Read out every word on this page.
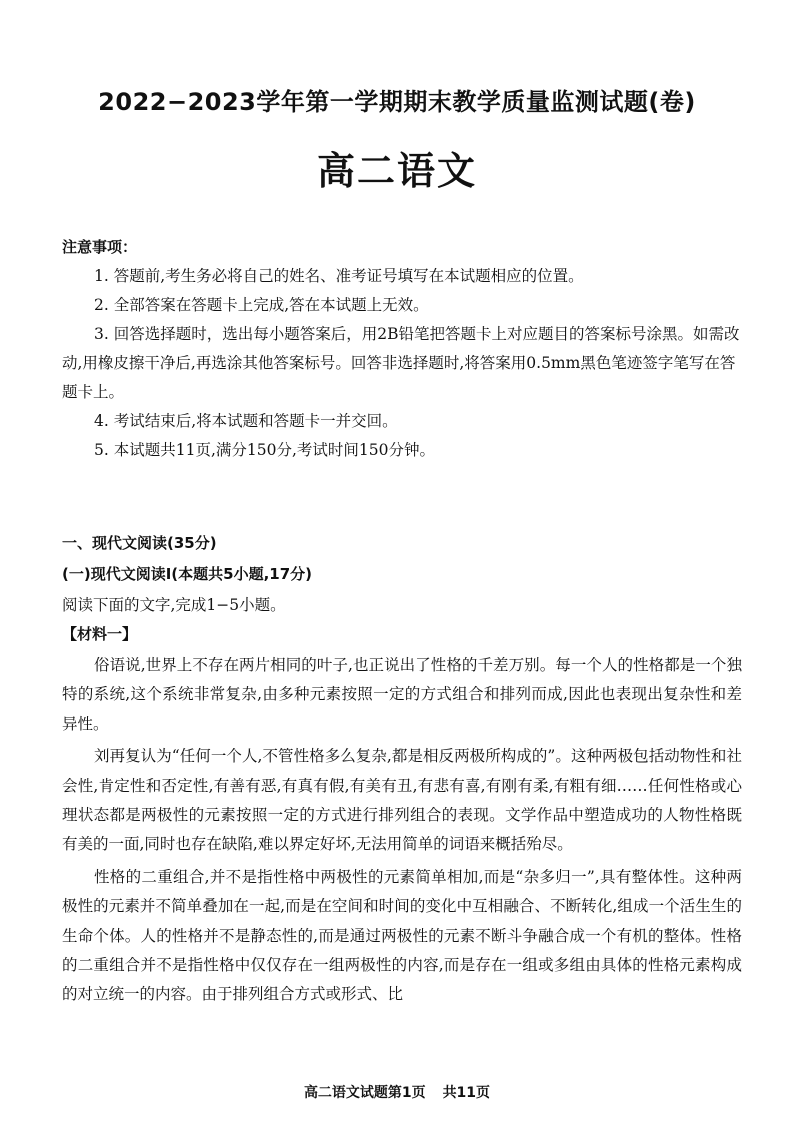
2022−2023学年第一学期期末教学质量监测试题(卷)
高二语文
注意事项：

1. 答题前,考生务必将自己的姓名、准考证号填写在本试题相应的位置。

2. 全部答案在答题卡上完成,答在本试题上无效。

3. 回答选择题时，选出每小题答案后，用2B铅笔把答题卡上对应题目的答案标号涂黑。如需改动,用橡皮擦干净后,再选涂其他答案标号。回答非选择题时,将答案用0.5mm黑色笔迹签字笔写在答题卡上。

4. 考试结束后,将本试题和答题卡一并交回。

5. 本试题共11页,满分150分,考试时间150分钟。

一、现代文阅读(35分)
(一)现代文阅读Ⅰ(本题共5小题,17分)
阅读下面的文字,完成1−5小题。
【材料一】

俗语说,世界上不存在两片相同的叶子,也正说出了性格的千差万别。每一个人的性格都是一个独特的系统,这个系统非常复杂,由多种元素按照一定的方式组合和排列而成,因此也表现出复杂性和差异性。

刘再复认为“任何一个人,不管性格多么复杂,都是相反两极所构成的”。这种两极包括动物性和社会性,肯定性和否定性,有善有恶,有真有假,有美有丑,有悲有喜,有刚有柔,有粗有细……任何性格或心理状态都是两极性的元素按照一定的方式进行排列组合的表现。文学作品中塑造成功的人物性格既有美的一面,同时也存在缺陷,难以界定好坏,无法用简单的词语来概括殆尽。

性格的二重组合,并不是指性格中两极性的元素简单相加,而是“杂多归一”,具有整体性。这种两极性的元素并不简单叠加在一起,而是在空间和时间的变化中互相融合、不断转化,组成一个活生生的生命个体。人的性格并不是静态性的,而是通过两极性的元素不断斗争融合成一个有机的整体。性格的二重组合并不是指性格中仅仅存在一组两极性的内容,而是存在一组或多组由具体的性格元素构成的对立统一的内容。由于排列组合方式或形式、比

高二语文试题第1页 共11页
